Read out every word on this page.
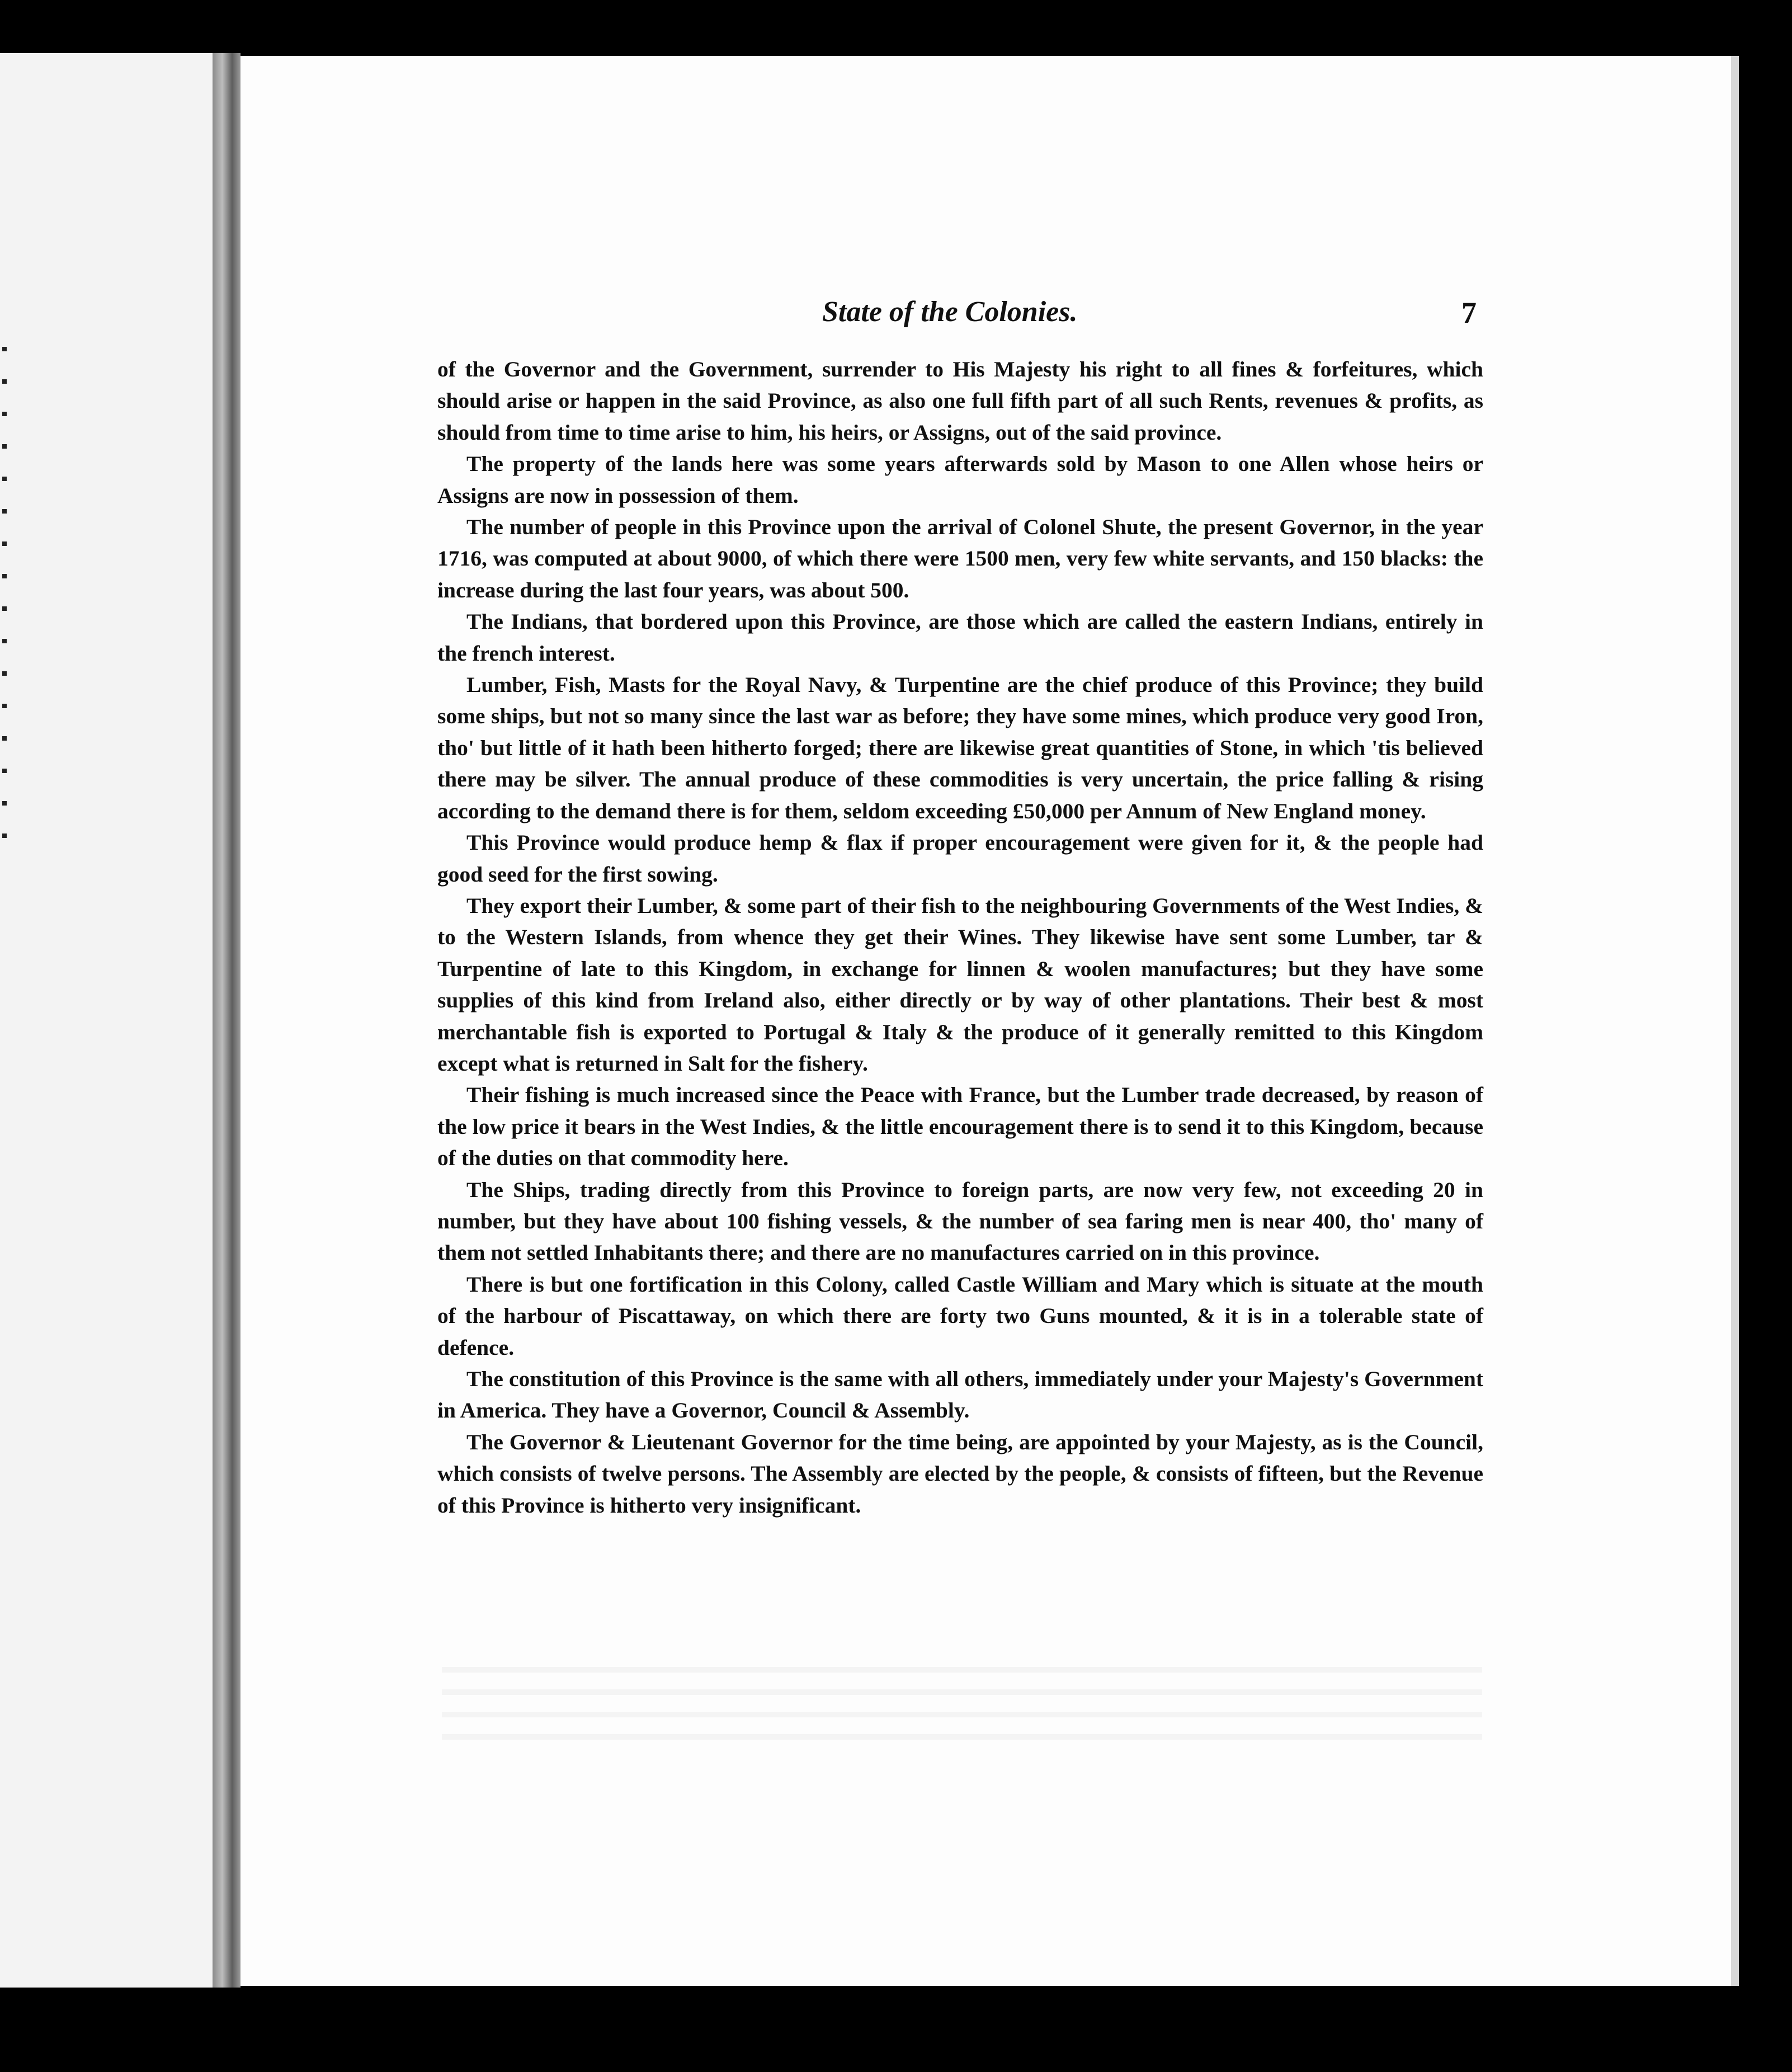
State of the Colonies.	7

of the Governor and the Government, surrender to His Majesty his right to all fines & forfeitures, which should arise or happen in the said Province, as also one full fifth part of all such Rents, revenues & profits, as should from time to time arise to him, his heirs, or Assigns, out of the said province.

The property of the lands here was some years afterwards sold by Mason to one Allen whose heirs or Assigns are now in possession of them.

The number of people in this Province upon the arrival of Colonel Shute, the present Governor, in the year 1716, was computed at about 9000, of which there were 1500 men, very few white servants, and 150 blacks: the increase during the last four years, was about 500.

The Indians, that bordered upon this Province, are those which are called the eastern Indians, entirely in the french interest.

Lumber, Fish, Masts for the Royal Navy, & Turpentine are the chief produce of this Province; they build some ships, but not so many since the last war as before; they have some mines, which produce very good Iron, tho' but little of it hath been hitherto forged; there are likewise great quantities of Stone, in which 'tis believed there may be silver. The annual produce of these commodities is very uncertain, the price falling & rising according to the demand there is for them, seldom exceeding £50,000 per Annum of New England money.

This Province would produce hemp & flax if proper encouragement were given for it, & the people had good seed for the first sowing.

They export their Lumber, & some part of their fish to the neighbouring Governments of the West Indies, & to the Western Islands, from whence they get their Wines. They likewise have sent some Lumber, tar & Turpentine of late to this Kingdom, in exchange for linnen & woolen manufactures; but they have some supplies of this kind from Ireland also, either directly or by way of other plantations. Their best & most merchantable fish is exported to Portugal & Italy & the produce of it generally remitted to this Kingdom except what is returned in Salt for the fishery.

Their fishing is much increased since the Peace with France, but the Lumber trade decreased, by reason of the low price it bears in the West Indies, & the little encouragement there is to send it to this Kingdom, because of the duties on that commodity here.

The Ships, trading directly from this Province to foreign parts, are now very few, not exceeding 20 in number, but they have about 100 fishing vessels, & the number of sea faring men is near 400, tho' many of them not settled Inhabitants there; and there are no manufactures carried on in this province.

There is but one fortification in this Colony, called Castle William and Mary which is situate at the mouth of the harbour of Piscattaway, on which there are forty two Guns mounted, & it is in a tolerable state of defence.

The constitution of this Province is the same with all others, immediately under your Majesty's Government in America. They have a Governor, Council & Assembly.

The Governor & Lieutenant Governor for the time being, are appointed by your Majesty, as is the Council, which consists of twelve persons. The Assembly are elected by the people, & consists of fifteen, but the Revenue of this Province is hitherto very insignificant.
